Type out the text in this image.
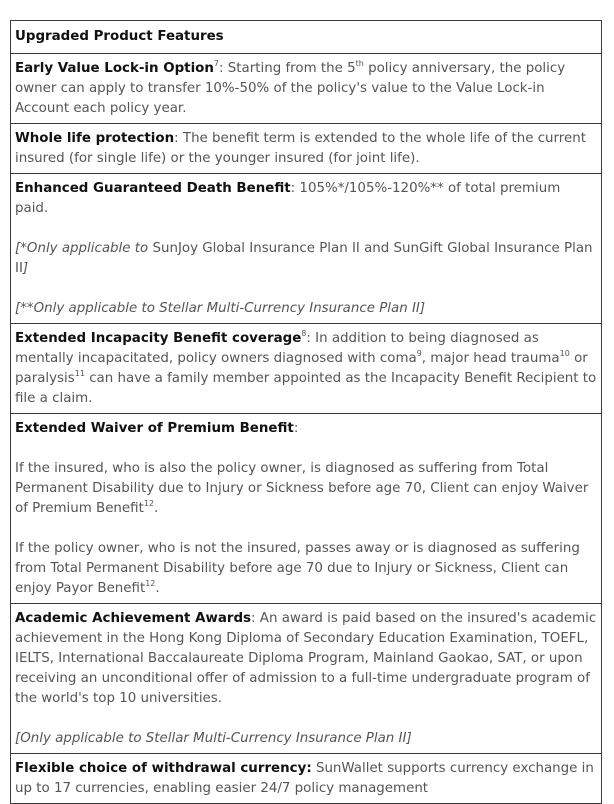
Upgraded Product Features
Early Value Lock-in Option$^7$: Starting from the 5th policy anniversary, the policy owner can apply to transfer 10%-50% of the policy's value to the Value Lock-in Account each policy year.
Whole life protection: The benefit term is extended to the whole life of the current insured (for single life) or the younger insured (for joint life).

Enhanced Guaranteed Death Benefit: 105%*/105%-120%** of total premium paid.
[*Only applicable to SunJoy Global Insurance Plan II and SunGift Global Insurance Plan II]
[**Only applicable to Stellar Multi-Currency Insurance Plan II]

Extended Incapacity Benefit coverage$^8$: In addition to being diagnosed as mentally incapacitated, policy owners diagnosed with coma$^9$, major head trauma$^{10}$ or paralysis$^{11}$ can have a family member appointed as the Incapacity Benefit Recipient to file a claim.

Extended Waiver of Premium Benefit:
If the insured, who is also the policy owner, is diagnosed as suffering from Total Permanent Disability due to Injury or Sickness before age 70, Client can enjoy Waiver of Premium Benefit$^{12}$.
If the policy owner, who is not the insured, passes away or is diagnosed as suffering from Total Permanent Disability before age 70 due to Injury or Sickness, Client can enjoy Payor Benefit$^{12}$.

Academic Achievement Awards: An award is paid based on the insured's academic achievement in the Hong Kong Diploma of Secondary Education Examination, TOEFL, IELTS, International Baccalaureate Diploma Program, Mainland Gaokao, SAT, or upon receiving an unconditional offer of admission to a full-time undergraduate program of the world's top 10 universities.
[Only applicable to Stellar Multi-Currency Insurance Plan II]

Flexible choice of withdrawal currency: SunWallet supports currency exchange in up to 17 currencies, enabling easier 24/7 policy management
